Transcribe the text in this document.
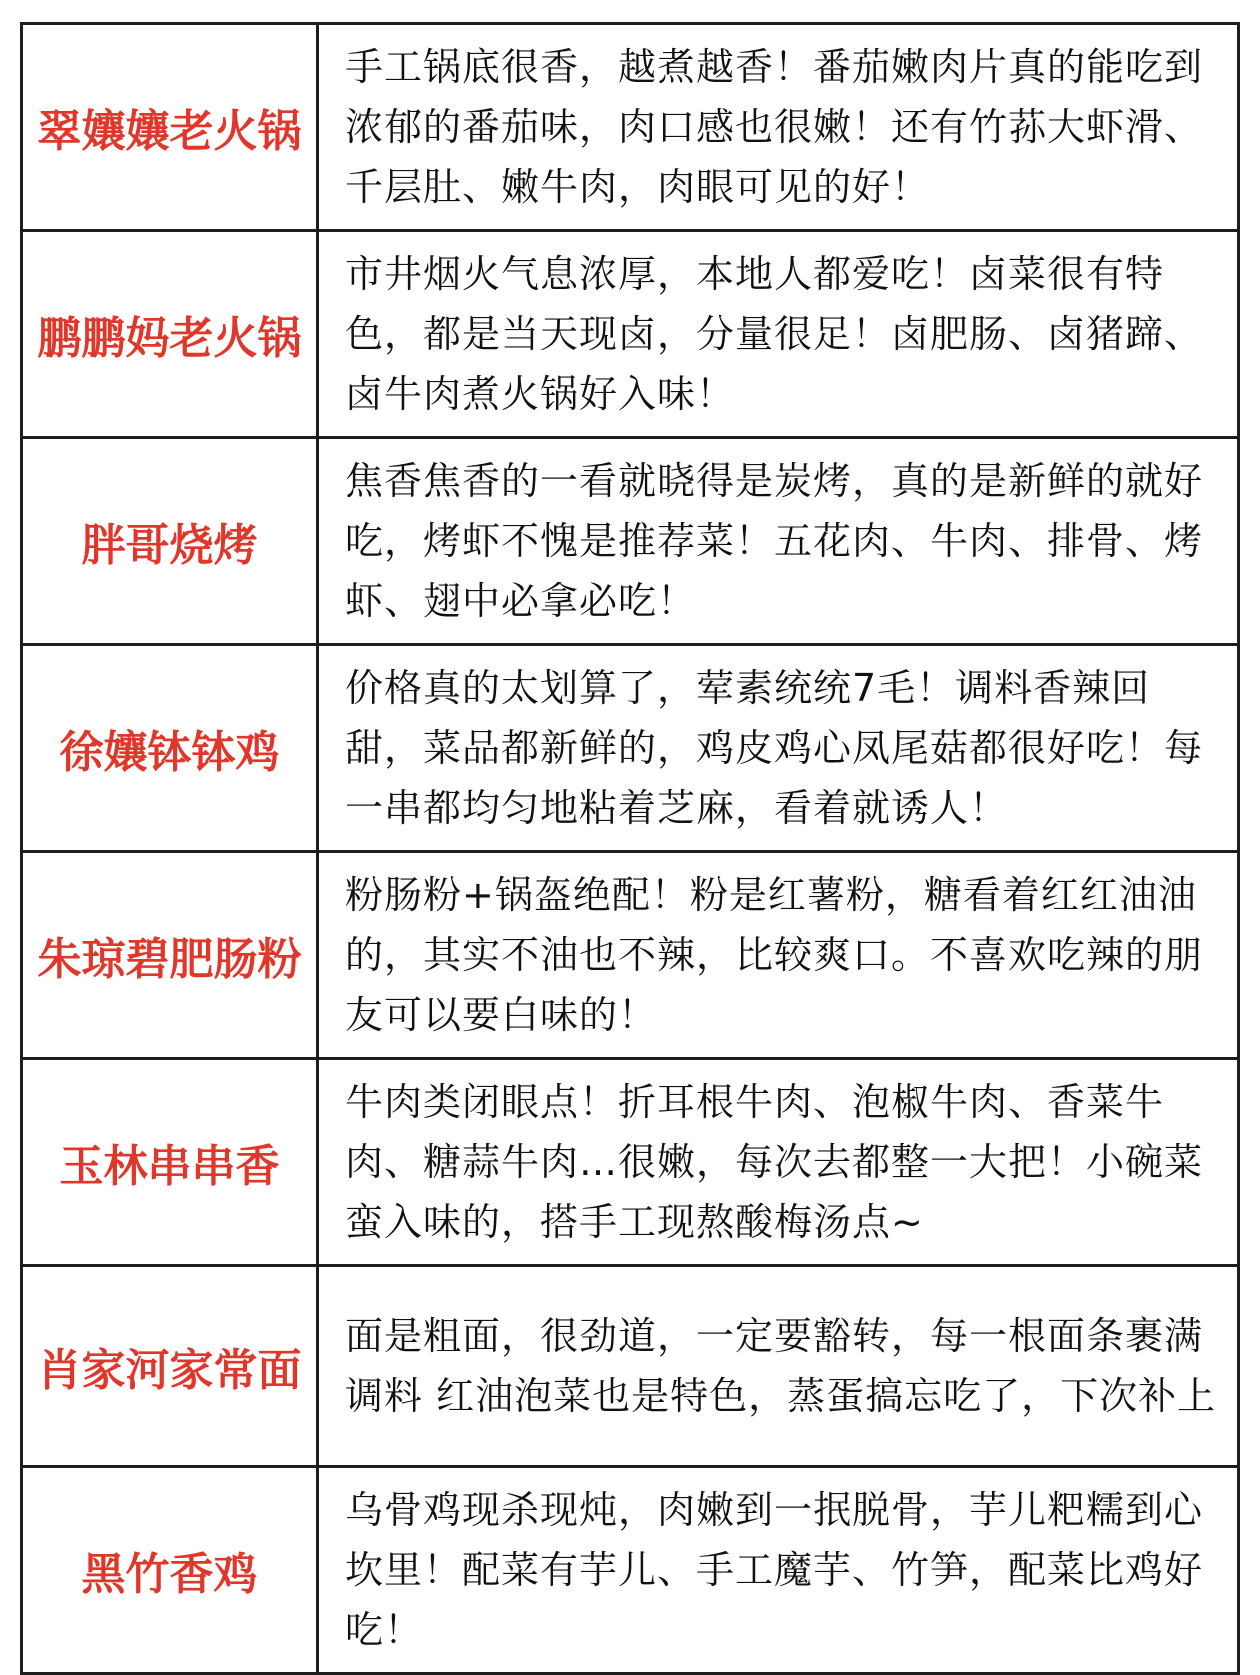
翠孃孃老火锅	手工锅底很香，越煮越香！番茄嫩肉片真的能吃到浓郁的番茄味，肉口感也很嫩！还有竹荪大虾滑、千层肚、嫩牛肉，肉眼可见的好！

鹏鹏妈老火锅	市井烟火气息浓厚，本地人都爱吃！卤菜很有特色，都是当天现卤，分量很足！卤肥肠、卤猪蹄、卤牛肉煮火锅好入味！

胖哥烧烤	焦香焦香的一看就晓得是炭烤，真的是新鲜的就好吃，烤虾不愧是推荐菜！五花肉、牛肉、排骨、烤虾、翅中必拿必吃！

徐孃钵钵鸡	价格真的太划算了，荤素统统7毛！调料香辣回甜，菜品都新鲜的，鸡皮鸡心凤尾菇都很好吃！每一串都均匀地粘着芝麻，看着就诱人！

朱琼碧肥肠粉	粉肠粉+锅盔绝配！粉是红薯粉，糖看着红红油油的，其实不油也不辣，比较爽口。不喜欢吃辣的朋友可以要白味的！

玉林串串香	牛肉类闭眼点！折耳根牛肉、泡椒牛肉、香菜牛肉、糖蒜牛肉…很嫩，每次去都整一大把！小碗菜蛮入味的，搭手工现熬酸梅汤点~

肖家河家常面	面是粗面，很劲道，一定要豁转，每一根面条裹满调料 红油泡菜也是特色，蒸蛋搞忘吃了，下次补上

黑竹香鸡	乌骨鸡现杀现炖，肉嫩到一抿脱骨，芋儿粑糯到心坎里！配菜有芋儿、手工魔芋、竹笋，配菜比鸡好吃！
